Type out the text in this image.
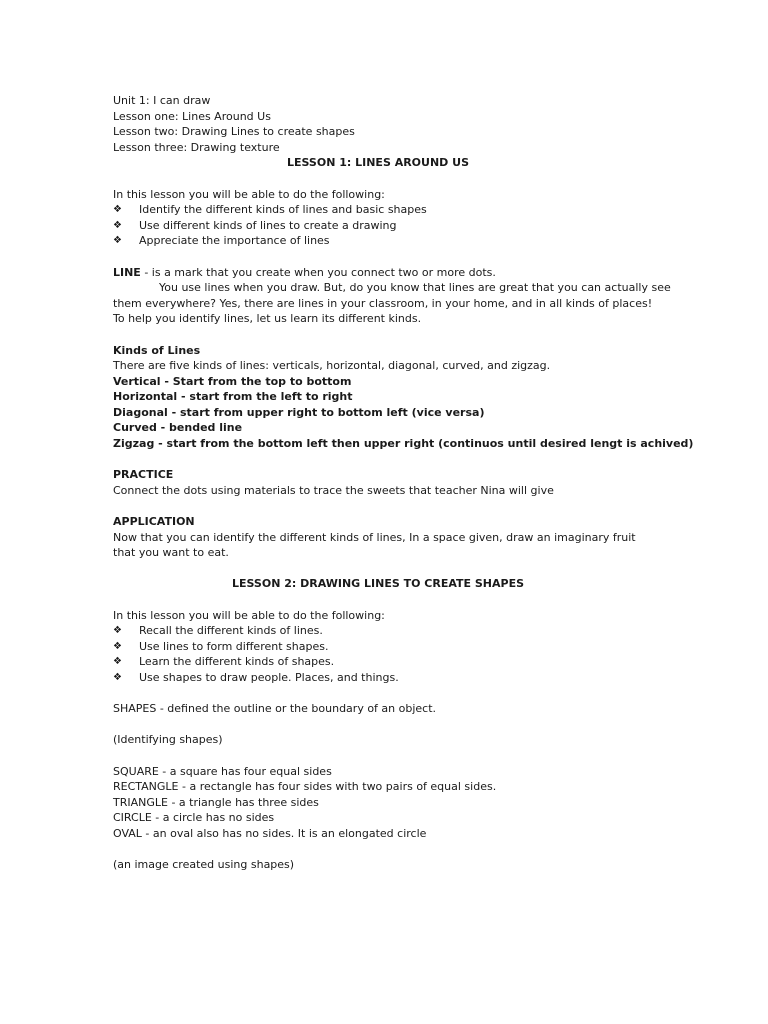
Unit 1: I can draw
Lesson one: Lines Around Us
Lesson two: Drawing Lines to create shapes
Lesson three: Drawing texture
LESSON 1: LINES AROUND US
In this lesson you will be able to do the following:
❖	Identify the different kinds of lines and basic shapes
❖	Use different kinds of lines to create a drawing
❖	Appreciate the importance of lines
LINE - is a mark that you create when you connect two or more dots.
You use lines when you draw. But, do you know that lines are great that you can actually see
them everywhere? Yes, there are lines in your classroom, in your home, and in all kinds of places!
To help you identify lines, let us learn its different kinds.
Kinds of Lines
There are five kinds of lines: verticals, horizontal, diagonal, curved, and zigzag.
Vertical - Start from the top to bottom
Horizontal - start from the left to right
Diagonal - start from upper right to bottom left (vice versa)
Curved - bended line
Zigzag - start from the bottom left then upper right (continuos until desired lengt is achived)
PRACTICE
Connect the dots using materials to trace the sweets that teacher Nina will give
APPLICATION
Now that you can identify the different kinds of lines, In a space given, draw an imaginary fruit that you want to eat.
LESSON 2: DRAWING LINES TO CREATE SHAPES
In this lesson you will be able to do the following:
❖	Recall the different kinds of lines.
❖	Use lines to form different shapes.
❖	Learn the different kinds of shapes.
❖	Use shapes to draw people. Places, and things.
SHAPES - defined the outline or the boundary of an object.
(Identifying shapes)
SQUARE - a square has four equal sides
RECTANGLE - a rectangle has four sides with two pairs of equal sides.
TRIANGLE - a triangle has three sides
CIRCLE - a circle has no sides
OVAL - an oval also has no sides. It is an elongated circle
(an image created using shapes)
